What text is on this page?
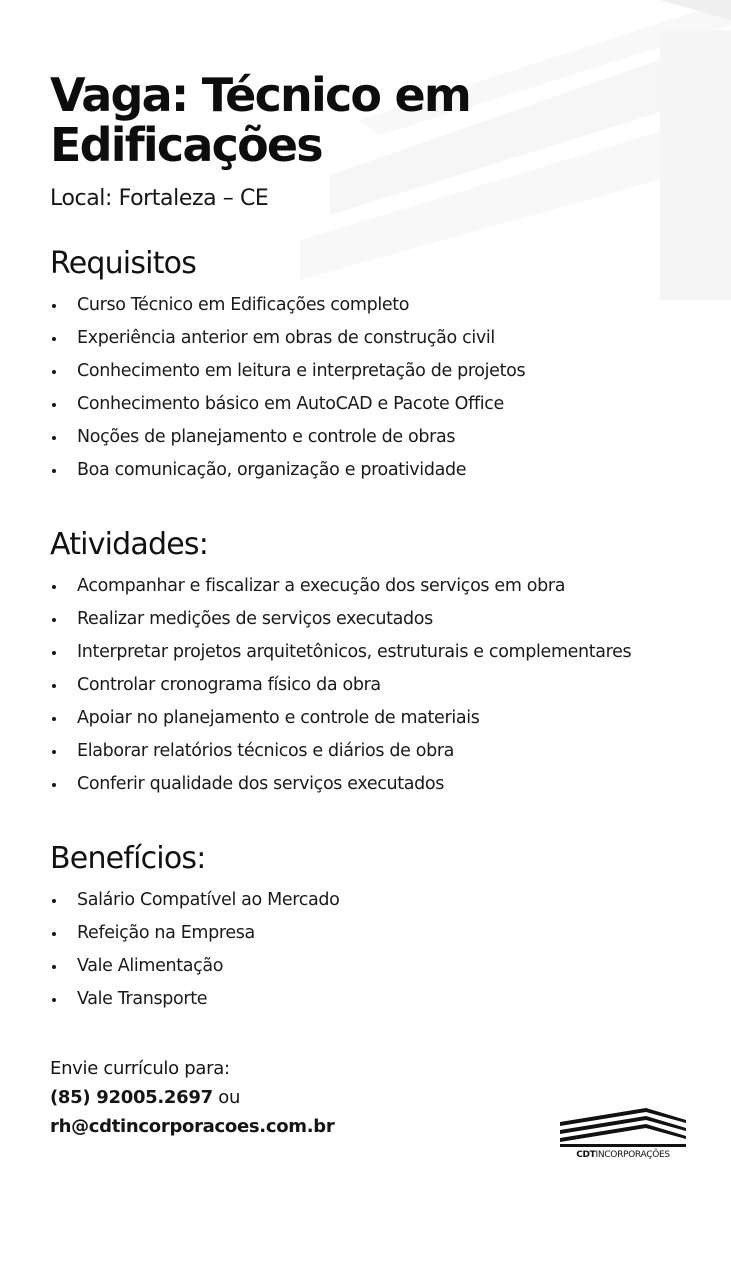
Vaga: Técnico em Edificações
Local: Fortaleza – CE
Requisitos
Curso Técnico em Edificações completo
Experiência anterior em obras de construção civil
Conhecimento em leitura e interpretação de projetos
Conhecimento básico em AutoCAD e Pacote Office
Noções de planejamento e controle de obras
Boa comunicação, organização e proatividade
Atividades:
Acompanhar e fiscalizar a execução dos serviços em obra
Realizar medições de serviços executados
Interpretar projetos arquitetônicos, estruturais e complementares
Controlar cronograma físico da obra
Apoiar no planejamento e controle de materiais
Elaborar relatórios técnicos e diários de obra
Conferir qualidade dos serviços executados
Benefícios:
Salário Compatível ao Mercado
Refeição na Empresa
Vale Alimentação
Vale Transporte
Envie currículo para:
(85) 92005.2697 ou
rh@cdtincorporacoes.com.br
CDTINCORPORAÇÕES
